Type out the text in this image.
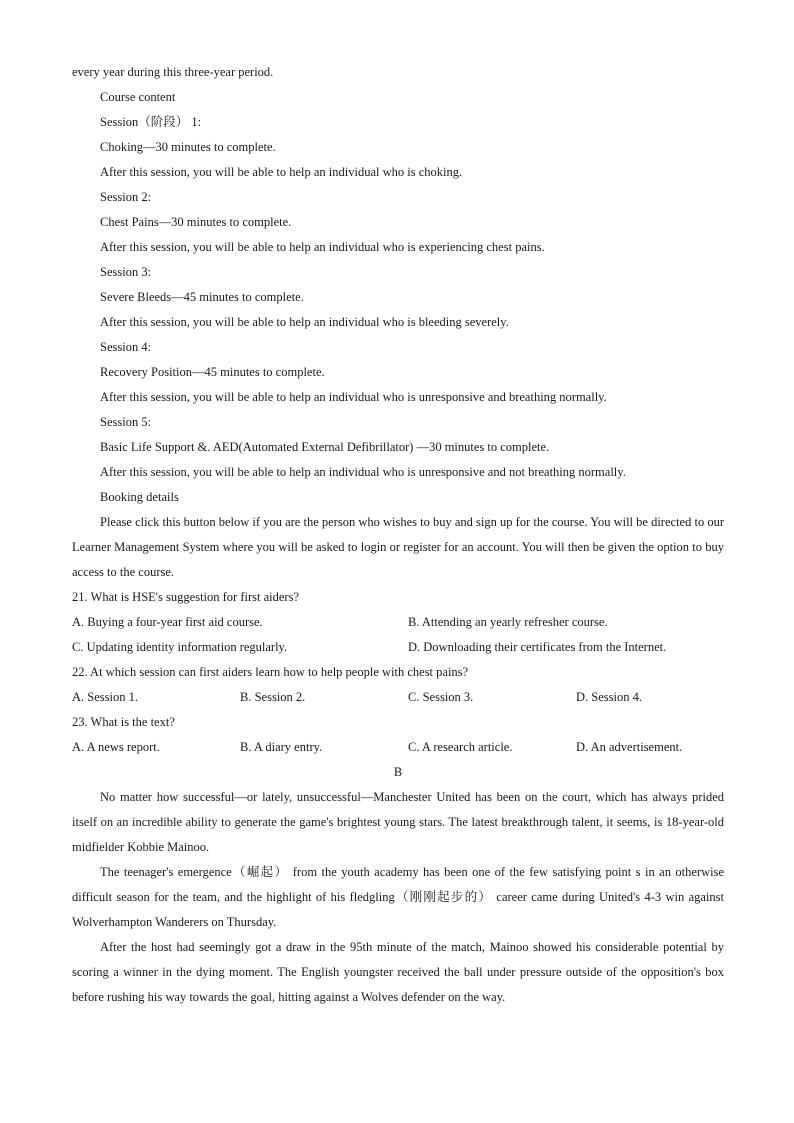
every year during this three-year period.
Course content
Session（阶段） 1:
Choking—30 minutes to complete.
After this session, you will be able to help an individual who is choking.
Session 2:
Chest Pains—30 minutes to complete.
After this session, you will be able to help an individual who is experiencing chest pains.
Session 3:
Severe Bleeds—45 minutes to complete.
After this session, you will be able to help an individual who is bleeding severely.
Session 4:
Recovery Position—45 minutes to complete.
After this session, you will be able to help an individual who is unresponsive and breathing normally.
Session 5:
Basic Life Support &. AED(Automated External Defibrillator) —30 minutes to complete.
After this session, you will be able to help an individual who is unresponsive and not breathing normally.
Booking details
Please click this button below if you are the person who wishes to buy and sign up for the course. You will be directed to our Learner Management System where you will be asked to login or register for an account. You will then be given the option to buy access to the course.
21. What is HSE's suggestion for first aiders?
A. Buying a four-year first aid course.	B. Attending an yearly refresher course.
C. Updating identity information regularly.	D. Downloading their certificates from the Internet.
22. At which session can first aiders learn how to help people with chest pains?
A. Session 1.	B. Session 2.	C. Session 3.	D. Session 4.
23. What is the text?
A. A news report.	B. A diary entry.	C. A research article.	D. An advertisement.
B
No matter how successful—or lately, unsuccessful—Manchester United has been on the court, which has always prided itself on an incredible ability to generate the game's brightest young stars. The latest breakthrough talent, it seems, is 18-year-old midfielder Kobbie Mainoo.
The teenager's emergence（崛起） from the youth academy has been one of the few satisfying point s in an otherwise difficult season for the team, and the highlight of his fledgling（刚刚起步的） career came during United's 4-3 win against Wolverhampton Wanderers on Thursday.
After the host had seemingly got a draw in the 95th minute of the match, Mainoo showed his considerable potential by scoring a winner in the dying moment. The English youngster received the ball under pressure outside of the opposition's box before rushing his way towards the goal, hitting against a Wolves defender on the way.
